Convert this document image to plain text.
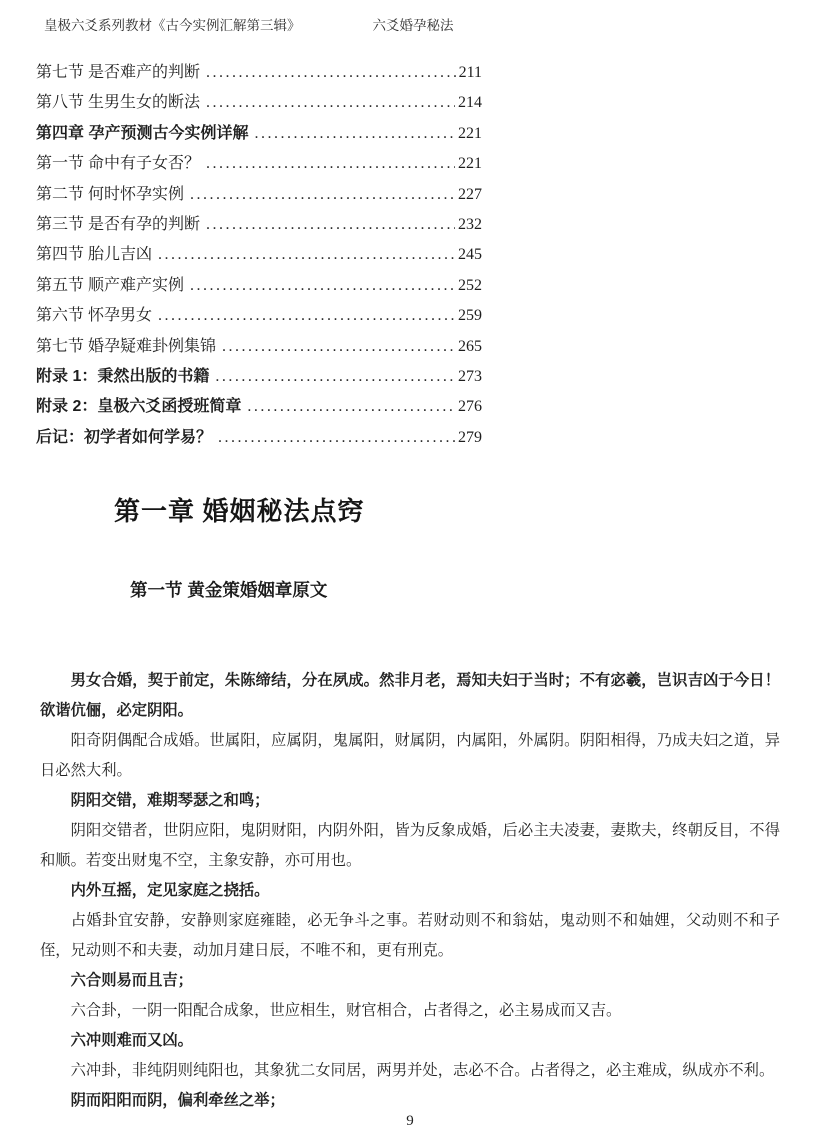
皇极六爻系列教材《古今实例汇解第三辑》	六爻婚孕秘法
第七节 是否难产的判断 .....	211
第八节 生男生女的断法 .....	214
第四章 孕产预测古今实例详解 .....	221
第一节 命中有子女否？ .....	221
第二节 何时怀孕实例 .....	227
第三节 是否有孕的判断 .....	232
第四节 胎儿吉凶 .....	245
第五节 顺产难产实例 .....	252
第六节 怀孕男女 .....	259
第七节 婚孕疑难卦例集锦 .....	265
附录 1：秉然出版的书籍 .....	273
附录 2：皇极六爻函授班简章 .....	276
后记：初学者如何学易？ .....	279
第一章 婚姻秘法点窍
第一节 黄金策婚姻章原文

男女合婚，契于前定，朱陈缔结，分在夙成。然非月老，焉知夫妇于当时；不有宓羲，岂识吉凶于今日！欲谐伉俪，必定阴阳。

阳奇阴偶配合成婚。世属阳，应属阴，鬼属阳，财属阴，内属阳，外属阴。阴阳相得，乃成夫妇之道，异日必然大利。

阴阳交错，难期琴瑟之和鸣；

阴阳交错者，世阴应阳，鬼阴财阳，内阴外阳，皆为反象成婚，后必主夫凌妻，妻欺夫，终朝反目，不得和顺。若变出财鬼不空，主象安静，亦可用也。

内外互摇，定见家庭之挠括。

占婚卦宜安静，安静则家庭雍睦，必无争斗之事。若财动则不和翁姑，鬼动则不和妯娌，父动则不和子侄，兄动则不和夫妻，动加月建日辰，不唯不和，更有刑克。

六合则易而且吉；

六合卦，一阴一阳配合成象，世应相生，财官相合，占者得之，必主易成而又吉。

六冲则难而又凶。

六冲卦，非纯阴则纯阳也，其象犹二女同居，两男并处，志必不合。占者得之，必主难成，纵成亦不利。

阴而阳阳而阴，偏利牵丝之举；

9
